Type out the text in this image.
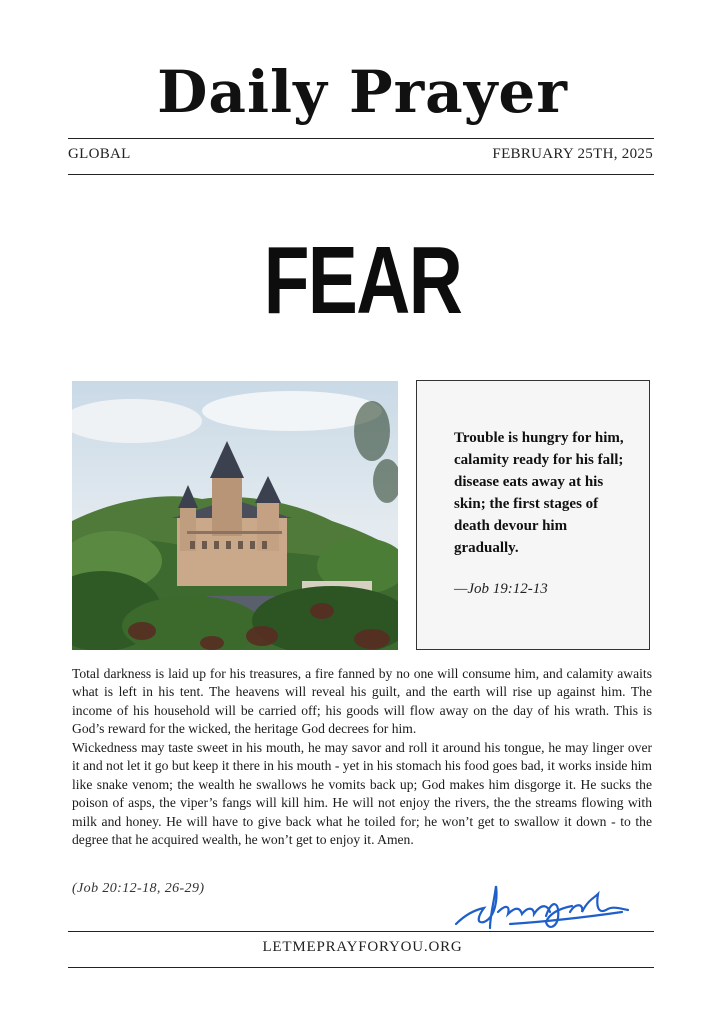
Daily Prayer
GLOBAL	FEBRUARY 25TH, 2025
FEAR
Trouble is hungry for him, calamity ready for his fall; disease eats away at his skin; the first stages of death devour him gradually.
—Job 19:12-13
Total darkness is laid up for his treasures, a fire fanned by no one will consume him, and calamity awaits what is left in his tent. The heavens will reveal his guilt, and the earth will rise up against him. The income of his household will be carried off; his goods will flow away on the day of his wrath. This is God’s reward for the wicked, the heritage God decrees for him.
Wickedness may taste sweet in his mouth, he may savor and roll it around his tongue, he may linger over it and not let it go but keep it there in his mouth - yet in his stomach his food goes bad, it works inside him like snake venom; the wealth he swallows he vomits back up; God makes him disgorge it. He sucks the poison of asps, the viper’s fangs will kill him. He will not enjoy the rivers, the the streams flowing with milk and honey. He will have to give back what he toiled for; he won’t get to swallow it down - to the degree that he acquired wealth, he won’t get to enjoy it. Amen.
(Job 20:12-18, 26-29)
LETMEPRAYFORYOU.ORG
